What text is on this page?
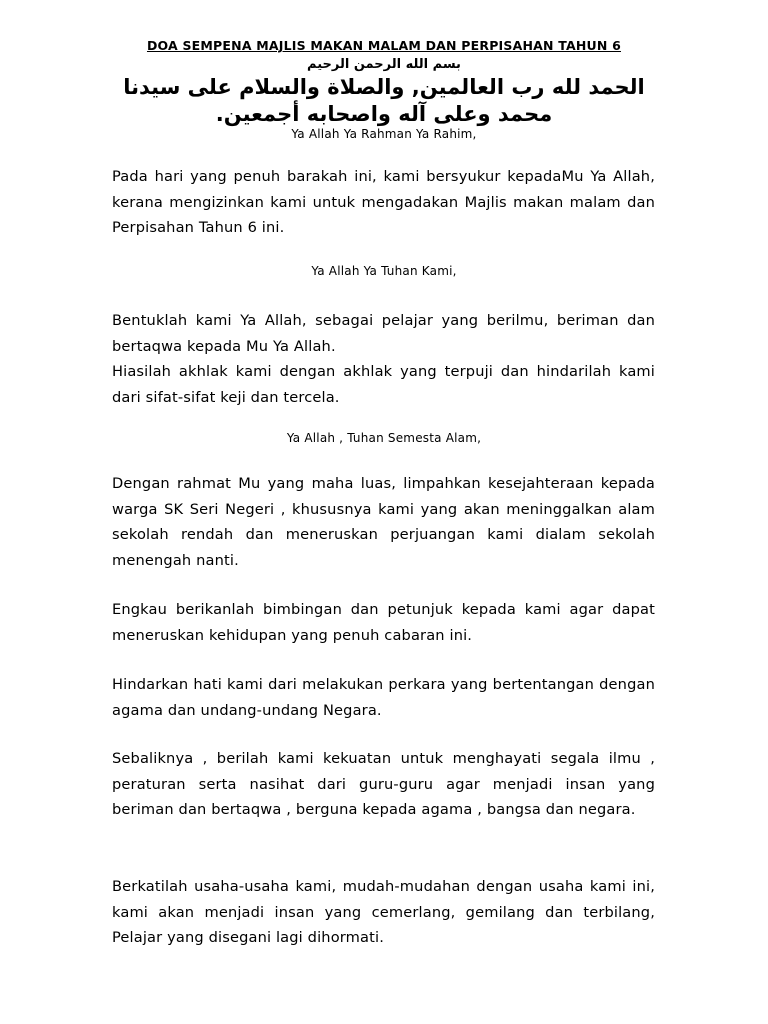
DOA SEMPENA MAJLIS MAKAN MALAM DAN PERPISAHAN TAHUN 6
بسم الله الرحمن الرحيم
الحمد لله رب العالمين, والصلاة والسلام على سيدنا محمد وعلى آله واصحابه أجمعين.
Ya Allah Ya Rahman Ya Rahim,
Pada hari yang penuh barakah ini, kami bersyukur kepadaMu Ya Allah, kerana mengizinkan kami untuk mengadakan Majlis makan malam dan Perpisahan Tahun 6 ini.
Ya Allah Ya Tuhan Kami,
Bentuklah kami Ya Allah, sebagai pelajar yang berilmu, beriman dan bertaqwa kepada Mu Ya Allah.
Hiasilah akhlak kami dengan akhlak yang terpuji dan hindarilah kami dari sifat-sifat keji dan tercela.
Ya Allah , Tuhan Semesta Alam,
Dengan rahmat Mu yang maha luas, limpahkan kesejahteraan kepada warga SK Seri Negeri , khususnya kami yang akan meninggalkan alam sekolah rendah dan meneruskan perjuangan kami dialam sekolah menengah nanti.
Engkau berikanlah bimbingan dan petunjuk kepada kami agar dapat meneruskan kehidupan yang penuh cabaran ini.
Hindarkan hati kami dari melakukan perkara yang bertentangan dengan agama dan undang-undang Negara.
Sebaliknya , berilah kami kekuatan untuk menghayati segala ilmu , peraturan serta nasihat dari guru-guru agar menjadi insan yang beriman dan bertaqwa , berguna kepada agama , bangsa dan negara.
Berkatilah usaha-usaha kami, mudah-mudahan dengan usaha kami ini, kami akan menjadi insan yang cemerlang, gemilang dan terbilang, Pelajar yang disegani lagi dihormati.
